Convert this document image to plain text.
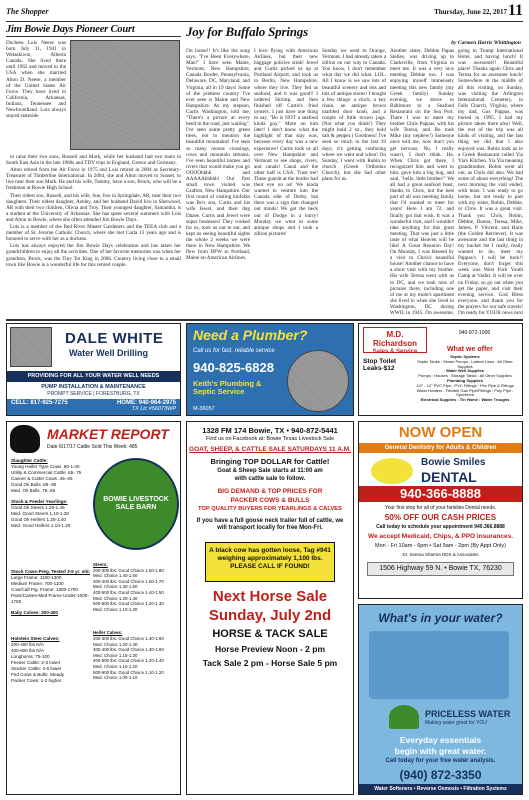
The Shopper	Thursday, June 22, 2017 11
Jim Bowie Days Pioneer Court
Duchess Lois Neese was born July 31, 1941 in Wetaskiwin, Alberta Canada. She lived there until 1962 and moved to the USA when she married Alton D. Neese, a member of the United States Air Force. They have lived in California, Arkansas, Indiana, Tennessee and Newfoundland. Lois always stayed stateside

to raise their two sons, Russell and Mark, while her husband had two tours in South East Asia in the late 1960s and TDY trips to England, Greece and Germany.

Alton retired from the Air Force in 1975 and Lois retired in 2004 as Secretary-Treasurer of Timberline International. In 2004, she and Alton moved to Sunset, to live near their son Mark. He and his wife, Tammy, have a son, Brock, who will be a freshman at Bowie High School.

Their oldest son, Russell, and his wife, Sue, live in Springdale, AR, near their two daughters. Their oldest daughter, Ashley, and her husband David live in Sherwood, AR with their two children, Olivia and Troy. Their youngest daughter, Samantha, is a student at the University of Arkansas. She has spent several summers with Lois and Alton in Bowie, where she often attended Jim Bowie Days.

Lois is a member of the Red River Master Gardeners and the TEEA club and a member of St. Jerome Catholic Church, where she met Carla 13 years ago and is honored to serve with her as a duchess.

Lois has always enjoyed the Jim Bowie Days celebration and has taken her grandchildren to enjoy all the activities. One of her favorite memories was when her grandson, Brock, was the Tiny Tot King in 2006. Country living close to a small town like Bowie is a wonderful life for this retired couple.

Joy for Buffalo Springs
by Carmen Harris Whittington
I'm home!! It's like the song says, "I've Been Everywhere, Man!" I have seen Maine, Vermont, New Hampshire, Canada Border, Pennsylvania, Delaware, DC, Maryland, and Virginia, all in 19 days! Some of the prettiest country I've ever seen is Maine and New Hampshire. As my stepson, Curtis Washington, told me, "There's a picture at every bend in the road, just waiting". I've seen some pretty green trees, not to mention the beautiful mountains! I've seen so many moose crossings, cows and mountain streams. I've seen beautiful homes and rivers that would make you go OOOOhhhh and AAAAAhhhhh! Our first small town visited was Grafton, New Hampshire. Our first round of visiting kinfolks was Bo's son, Curtis and his wife Jewel, and their dog Dazee. Curtis and Jewel were super hostesses! They cooked for us, took us out to eat, and kept us seeing beautiful sights the whole 2 weeks we were there in New Hampshire. We flew from DFW to Portland, Maine on American Airlines.
I love flying with American Airlines, but their new baggage policies stink! Jewel and Curtis picked us up at Portland Airport, and took us to Berlin, New Hampshire, where they live. They fed us seafood, and it was good!! I ordered Shrimp, and then finished off Curtis's fried oysters. I just have one thing to say, "Bo is NOT a seafood kinda guy." More on him later! I don't know what the highlight of that stay was, because every day was a new experience! Curtis took us all over New Hampshire and Vermont to see shops, rivers, and canals! Canal and the other half is USA. Trust me! These guards at the border had their eye on us! We kinda wanted to venture into the Canada side of Derby, but there was a sign that changed our minds! We got the heck out of Dodge in a hurry! Monday we went to some antique shops and I took a zillion pictures!
Sunday we went to Orange, Vermont. I had already taken a zillion on our way to Canada. You know, I don't remember what day we did what. LOL. All I know is we saw lots of beautiful scenery and lots and lots of antique stores! I bought a few things: a clock, a key chain, an antique brown marbled door knob, and a couple of little brown jugs. (Not what you think!) They might hold 2 oz., they hold salt & pepper.) Goodness! I've seen so much in the last 19 days, it's getting confusing where we went and when! On Sunday, I went with Robin to church (Greek Orthodox Church), but she had other plans for us.
Another sister, Debbie Papas Stelles, was driving up to Clarksville, from Virginia to meet me. It was a very nice meeting Debbie too. I was enjoying myself immensely meeting this new family (my Greek family) Sunday evening, we drove to Baltimore to a Seafood Restaurant on the Sea Port. There I was to meet my brother Chris Pappas, with his wife Teresa, and Bo took Mike (my nephew!) Someone once told me, now don't you get nervous. No, I really wasn't, I don't think. Ha. When Chris got there, I recognized him and went to him, gave him a big hug, and said, "hello, little brother!" We all had a great seafood feast, thanks to Chris, but the best part of all was meeting family that I'd wanted to meet for years! Here I am 72, and finally got that wish. It was a wonderful visit, and I wouldn't take anything for this great meeting. That was just a little taste of what Heaven will be like! A Great Reunion Day! On Monday, I was blessed by a visit to Chris's beautiful house! Another chance to have a short visit with my brother. His wife Teresa went with us to DC, and we took tons of pictures there, including one of me at my mom's apartment she lived in when she lived in Washington, DC during WWII, in 1945. I'm awesome,
going to Trump International Hotel, and having lunch! It was awesome!! Beautiful place! Thanks again Chris and Teresa for an awesome lunch! Somewhere in the middle of all this visiting, on Sunday, was visiting the Arlington International Cemetery, in Falls Church, Virginia, where my dad, Gus Pappas, was buried in 1995. I had my picture taken there also! Well, the rest of the trip was all kinds of visiting, and the last thing we did that I also enjoyed was, Robin took us to a Greek Restaurant called Yia Yia's Kitchen. Yia Yia meaning grandmother. Robin went all out, as Chris did also. We had some of about everything! The next morning the visit ended, with tears. I was ready to go home, but not ready to part with my sister, Robin, Debbie, or Chris. It was a great visit. Thank you Chris, Robin, Debbie, Donna, Teresa, Mike, James, P. Vincent, and Haris (the Golden Retriever). It was awesome and the last thing in my bucket list I really, really wanted to do, meet my Pappas's. I will be back!! Everyone, don't forget this week was West Fork Youth Camp at Vashti. It will be over on Friday, so go out when you get the paper, and visit their evening service. God Bless everyone, and thank you for the prayers for our safe travels! I'm ready for YOUR news next
DALE WHITE
Water Well Drilling
PROVIDING FOR ALL YOUR WATER WELL NEEDS
PUMP INSTALLATION & MAINTENANCE
PROMPT SERVICE | FORESTBURG, TX
CELL: 817-925-7275	HOME: 940-964-2975
TX Lic #56073WP
Need a Plumber?
Call us for fast, reliable service
940-825-6828
Keith's Plumbing & Septic Service
M-36057
M.D. Richardson
Sales & Service
Stop Toilet Leaks-$12
What we offer
Septic Systems
Septic Tanks : Sewer Pumps : Lateral Lines : All Other Supplies
Water Well Supplies
Pumps : Houses : Storage Tanks : All Other Supplies
Plumbing Supplies
1/2" - 12" PVC Pipe : PVC Fittings : Pex Pipe & Fittings
Water Heaters : Flexible Gas Pipe/Fittings : Poly Pipe : Sprinklers
Electrical Supplies : Tin Home : Water Troughs
940-872-1006
MARKET REPORT
Date 6/17/17 Cattle Sold This Week: 485
Slaughter Cattle:
Young Heifer Type Cows .80-1.00
Utility & Commercial Cattle .65-.75
Canner & Cutter Cows .45-.65
Good Ok Bulls .85-.95
Med. Ok Bulls .75-.85
Stock & Feeder Yearlings:
Good Ok Steers 1.20-1.45
Med. Good Steers 1.10-1.30
Good Ok Heifers 1.20-1.40
Med. Good Heifers 1.10-1.20
Stock Cows-Preg. Tested 3-9 yr. old:
Large Frame: 1100-1300
Medium Frame: 700-1100
Cow/Calf Pig. Frame: 1300-1700
Pairs/Calves-Med Frame Under-1000-1750
Baby Calves: 300-400
Holstein Steer Calves:
200-400 lbs N/A
400-600 lbs N/A
Longhorns: 75-100
Feeder Cattle: 2-3 lower
Stocker Cattle: 4-5 lower
Fed Cows & Bulls: Steady
Packer Cows: 1-2 higher
BOWIE LIVESTOCK SALE BARN
Steers:
200-300 lbs. Good Choice 1.60-1.80
Med. Choice 1.40-1.60
300-400 lbs. Good Choice 1.50-1.70
Med. Choice 1.30-1.50
400-500 lbs. Good Choice 1.40-1.50
Med. Choice 1.20-1.40
500-600 lbs. Good Choice 1.20-1.30
Med. Choice 1.10-1.30
Heifer Calves:
200-300 lbs. Good Choice 1.40-1.60
Med. Choice 1.20-1.40
300-400 lbs. Good Choice 1.30-1.50
Med. Choice 1.15-1.30
400-500 lbs. Good Choice 1.20-1.40
Med. Choice 1.10-1.20
500-600 lbs. Good Choice 1.10-1.20
Med. Choice 1.00-1.10
1328 FM 174 Bowie, TX • 940-872-5441
Find us on Facebook at: Bowie Texas Livestock Sale
GOAT, SHEEP, & CATTLE SALE SATURDAYS 11 A.M.
Bringing TOP DOLLAR for Cattle!
Goat & Sheep Sale starts at 11:00 am
with cattle sale to follow.
BIG DEMAND & TOP PRICES FOR
PACKER COWS & BULLS
TOP QUALITY BUYERS FOR YEARLINGS & CALVES
If you have a full goose neck trailer full of cattle, we will transport locally for free Mon-Fri.
A black cow has gotten loose, Tag #941 weighing approximately 1,100 lbs. PLEASE CALL IF FOUND!
Next Horse Sale
Sunday, July 2nd
HORSE & TACK SALE
Horse Preview Noon - 2 pm
Tack Sale 2 pm - Horse Sale 5 pm
NOW OPEN
General Dentistry for Adults & Children
Bowie Smiles
DENTAL
940-366-8888
Your first stop for all of your families Dental needs.
50% OFF OUR CASH PRICES
Call today to schedule your appointment 940.366.8888
We accept Medicaid, Chips, & PPO insurances.
Mon - Fri 10am - 6pm • Sat 9am - 2pm (By Appt Only)
Dr. Seema Sharma DDS & Associates
1506 Highway 59 N. • Bowie TX, 76230
What's in your water?
PRICELESS WATER
Making water great for YOU
Everyday essentials
begin with great water.
Call today for your free water analysis.
(940) 872-3350
Water Softeners • Reverse Osmosis • Filtration Systems
